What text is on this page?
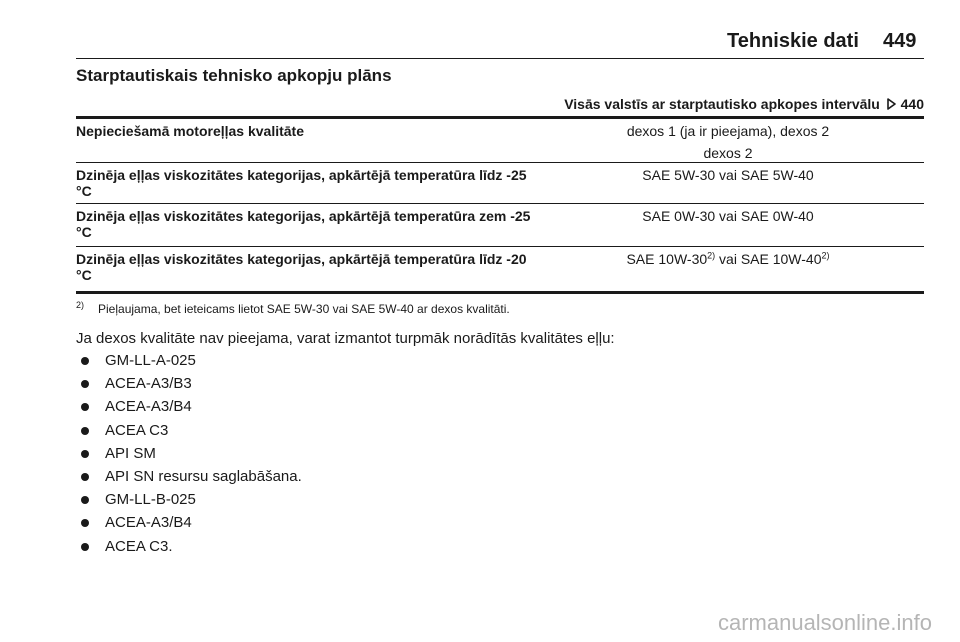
Tehniskie dati 449
Starptautiskais tehnisko apkopju plāns
Visās valstīs ar starptautisko apkopes intervālu 440
Nepieciešamā motoreļļas kvalitāte	dexos 1 (ja ir pieejama), dexos 2
dexos 2
Dzinēja eļļas viskozitātes kategorijas, apkārtējā temperatūra līdz -25 °C
SAE 5W-30 vai SAE 5W-40
Dzinēja eļļas viskozitātes kategorijas, apkārtējā temperatūra zem -25 °C
SAE 0W-30 vai SAE 0W-40
Dzinēja eļļas viskozitātes kategorijas, apkārtējā temperatūra līdz -20 °C
SAE 10W-30$^{2)}$ vai SAE 10W-40$^{2)}$
$^{2)}$ Pieļaujama, bet ieteicams lietot SAE 5W-30 vai SAE 5W-40 ar dexos kvalitāti.
Ja dexos kvalitāte nav pieejama, varat izmantot turpmāk norādītās kvalitātes eļļu:
GM-LL-A-025
ACEA-A3/B3
ACEA-A3/B4
ACEA C3
API SM
API SN resursu saglabāšana.
GM-LL-B-025
ACEA-A3/B4
ACEA C3.
carmanualsonline.info
